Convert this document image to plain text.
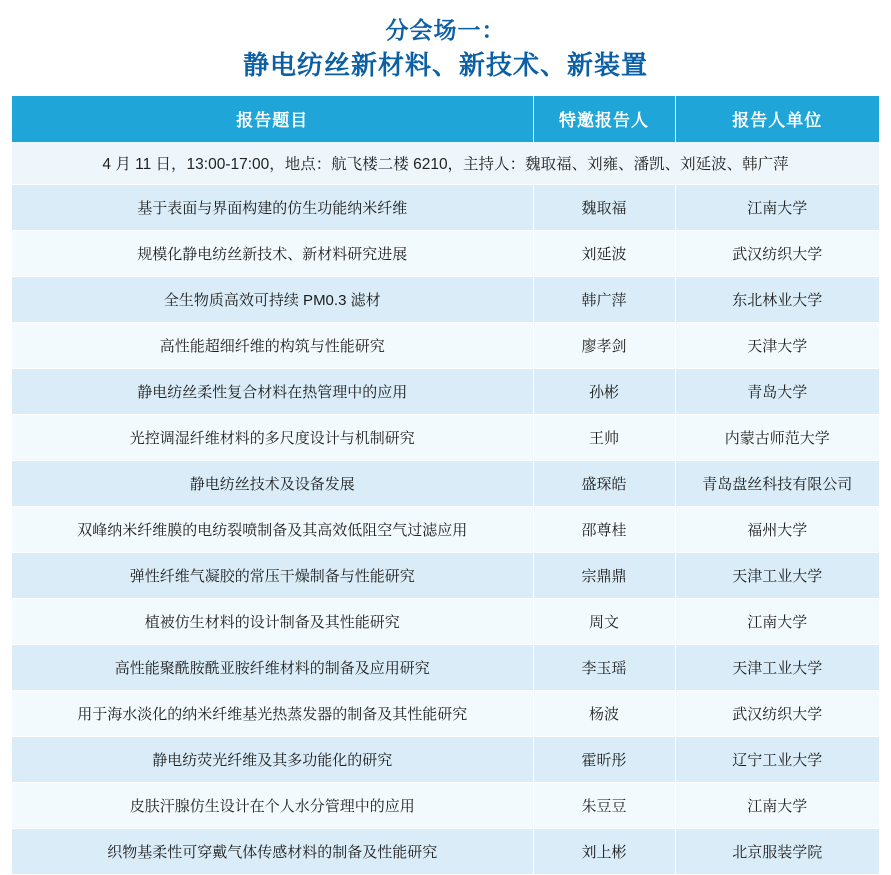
分会场一：
静电纺丝新材料、新技术、新装置
报告题目	特邀报告人	报告人单位
4 月 11 日，13:00-17:00，地点：航飞楼二楼 6210，主持人：魏取福、刘雍、潘凯、刘延波、韩广萍		
基于表面与界面构建的仿生功能纳米纤维	魏取福	江南大学
规模化静电纺丝新技术、新材料研究进展	刘延波	武汉纺织大学
全生物质高效可持续 PM0.3 滤材	韩广萍	东北林业大学
高性能超细纤维的构筑与性能研究	廖孝剑	天津大学
静电纺丝柔性复合材料在热管理中的应用	孙彬	青岛大学
光控调湿纤维材料的多尺度设计与机制研究	王帅	内蒙古师范大学
静电纺丝技术及设备发展	盛琛皓	青岛盘丝科技有限公司
双峰纳米纤维膜的电纺裂喷制备及其高效低阻空气过滤应用	邵尊桂	福州大学
弹性纤维气凝胶的常压干燥制备与性能研究	宗鼎鼎	天津工业大学
植被仿生材料的设计制备及其性能研究	周文	江南大学
高性能聚酰胺酰亚胺纤维材料的制备及应用研究	李玉瑶	天津工业大学
用于海水淡化的纳米纤维基光热蒸发器的制备及其性能研究	杨波	武汉纺织大学
静电纺荧光纤维及其多功能化的研究	霍昕彤	辽宁工业大学
皮肤汗腺仿生设计在个人水分管理中的应用	朱豆豆	江南大学
织物基柔性可穿戴气体传感材料的制备及性能研究	刘上彬	北京服装学院
